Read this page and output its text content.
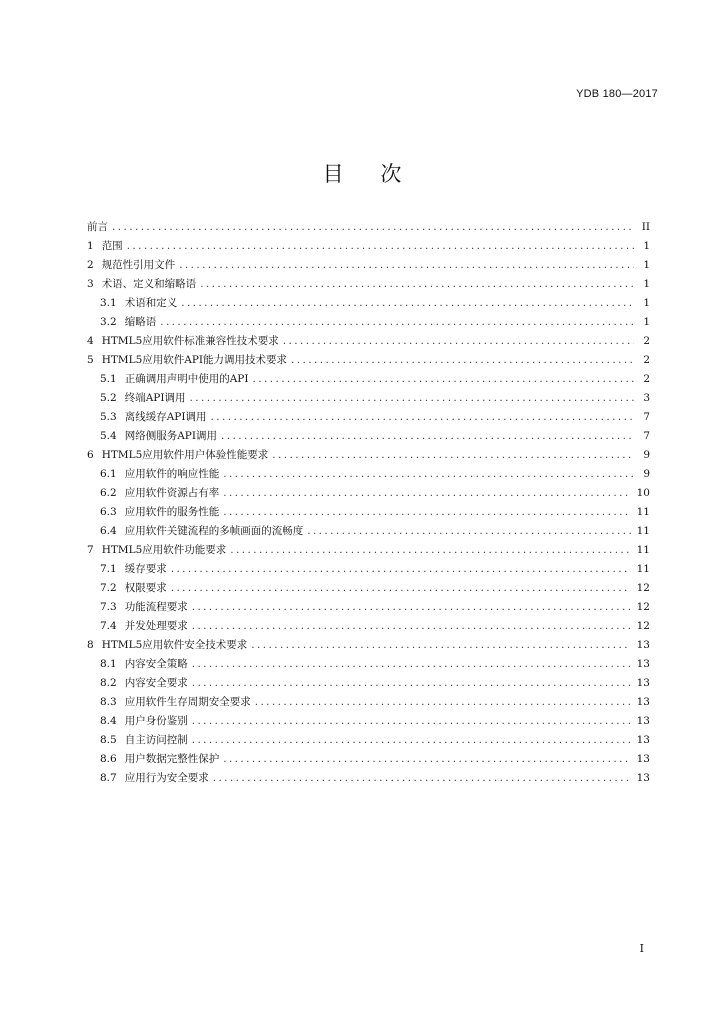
YDB 180—2017
目 次
前言 .....	II
1 范围 .....	1
2 规范性引用文件 .....	1
3 术语、定义和缩略语 .....	1
3.1 术语和定义 .....	1
3.2 缩略语 .....	1
4 HTML5应用软件标准兼容性技术要求 .....	2
5 HTML5应用软件API能力调用技术要求 .....	2
5.1 正确调用声明中使用的API .....	2
5.2 终端API调用 .....	3
5.3 离线缓存API调用 .....	7
5.4 网络侧服务API调用 .....	7
6 HTML5应用软件用户体验性能要求 .....	9
6.1 应用软件的响应性能 .....	9
6.2 应用软件资源占有率 .....	10
6.3 应用软件的服务性能 .....	11
6.4 应用软件关键流程的多帧画面的流畅度 .....	11
7 HTML5应用软件功能要求 .....	11
7.1 缓存要求 .....	11
7.2 权限要求 .....	12
7.3 功能流程要求 .....	12
7.4 并发处理要求 .....	12
8 HTML5应用软件安全技术要求 .....	13
8.1 内容安全策略 .....	13
8.2 内容安全要求 .....	13
8.3 应用软件生存周期安全要求 .....	13
8.4 用户身份鉴别 .....	13
8.5 自主访问控制 .....	13
8.6 用户数据完整性保护 .....	13
8.7 应用行为安全要求 .....	13
I
